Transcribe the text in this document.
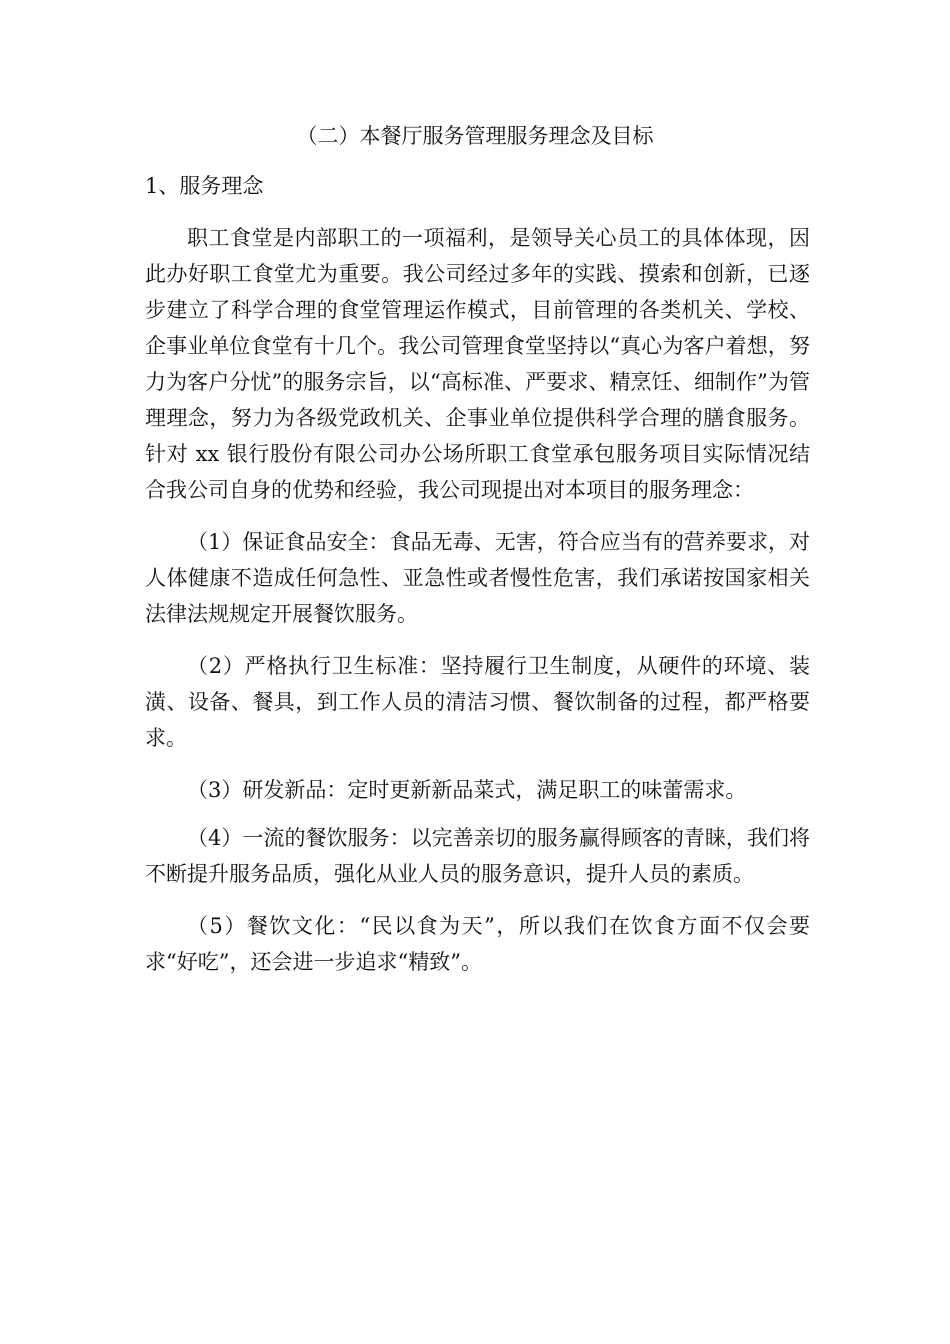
（二）本餐厅服务管理服务理念及目标
1、服务理念

职工食堂是内部职工的一项福利，是领导关心员工的具体体现，因此办好职工食堂尤为重要。我公司经过多年的实践、摸索和创新，已逐步建立了科学合理的食堂管理运作模式，目前管理的各类机关、学校、企事业单位食堂有十几个。我公司管理食堂坚持以“真心为客户着想，努力为客户分忧”的服务宗旨，以“高标准、严要求、精烹饪、细制作”为管理理念，努力为各级党政机关、企事业单位提供科学合理的膳食服务。针对 xx 银行股份有限公司办公场所职工食堂承包服务项目实际情况结合我公司自身的优势和经验，我公司现提出对本项目的服务理念：

（1）保证食品安全：食品无毒、无害，符合应当有的营养要求，对人体健康不造成任何急性、亚急性或者慢性危害，我们承诺按国家相关法律法规规定开展餐饮服务。

（2）严格执行卫生标准：坚持履行卫生制度，从硬件的环境、装潢、设备、餐具，到工作人员的清洁习惯、餐饮制备的过程，都严格要求。

（3）研发新品：定时更新新品菜式，满足职工的味蕾需求。

（4）一流的餐饮服务：以完善亲切的服务赢得顾客的青睐，我们将不断提升服务品质，强化从业人员的服务意识，提升人员的素质。

（5）餐饮文化：“民以食为天”，所以我们在饮食方面不仅会要求“好吃”，还会进一步追求“精致”。
